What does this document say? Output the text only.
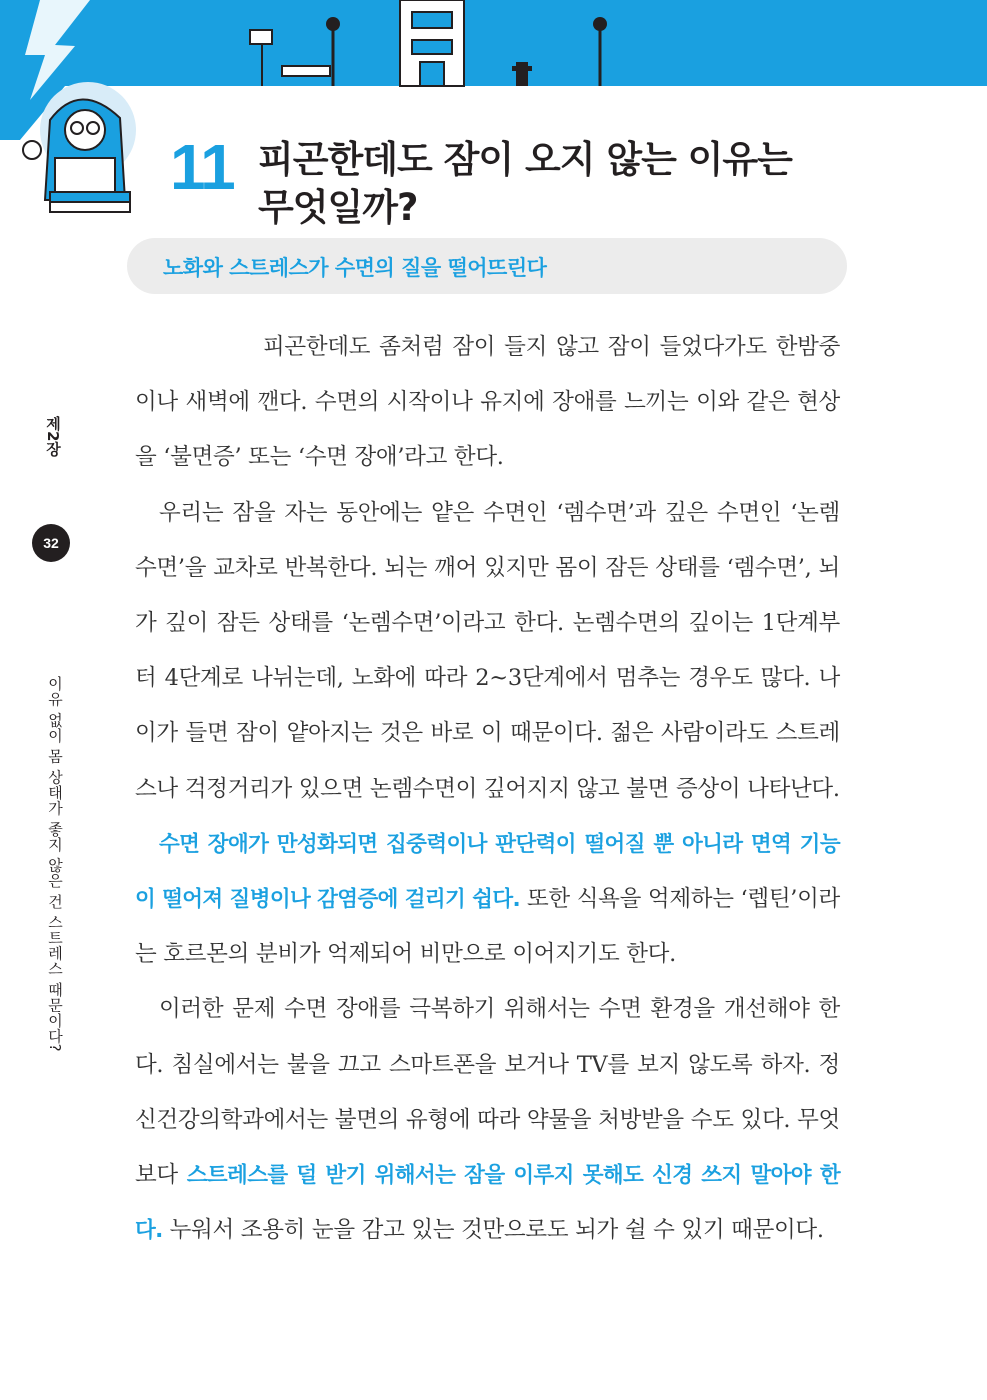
11 피곤한데도 잠이 오지 않는 이유는
무엇일까?
노화와 스트레스가 수면의 질을 떨어뜨린다
제2장
32
이유 없이 몸 상태가 좋지 않은 건 스트레스 때문이다?

피곤한데도 좀처럼 잠이 들지 않고 잠이 들었다가도 한밤중이나 새벽에 깬다. 수면의 시작이나 유지에 장애를 느끼는 이와 같은 현상을 ‘불면증’ 또는 ‘수면 장애’라고 한다.

우리는 잠을 자는 동안에는 얕은 수면인 ‘렘수면’과 깊은 수면인 ‘논렘수면’을 교차로 반복한다. 뇌는 깨어 있지만 몸이 잠든 상태를 ‘렘수면’, 뇌가 깊이 잠든 상태를 ‘논렘수면’이라고 한다. 논렘수면의 깊이는 1단계부터 4단계로 나뉘는데, 노화에 따라 2~3단계에서 멈추는 경우도 많다. 나이가 들면 잠이 얕아지는 것은 바로 이 때문이다. 젊은 사람이라도 스트레스나 걱정거리가 있으면 논렘수면이 깊어지지 않고 불면 증상이 나타난다.

수면 장애가 만성화되면 집중력이나 판단력이 떨어질 뿐 아니라 면역 기능이 떨어져 질병이나 감염증에 걸리기 쉽다. 또한 식욕을 억제하는 ‘렙틴’이라는 호르몬의 분비가 억제되어 비만으로 이어지기도 한다.

이러한 문제 수면 장애를 극복하기 위해서는 수면 환경을 개선해야 한다. 침실에서는 불을 끄고 스마트폰을 보거나 TV를 보지 않도록 하자. 정신건강의학과에서는 불면의 유형에 따라 약물을 처방받을 수도 있다. 무엇보다 스트레스를 덜 받기 위해서는 잠을 이루지 못해도 신경 쓰지 말아야 한다. 누워서 조용히 눈을 감고 있는 것만으로도 뇌가 쉴 수 있기 때문이다.
